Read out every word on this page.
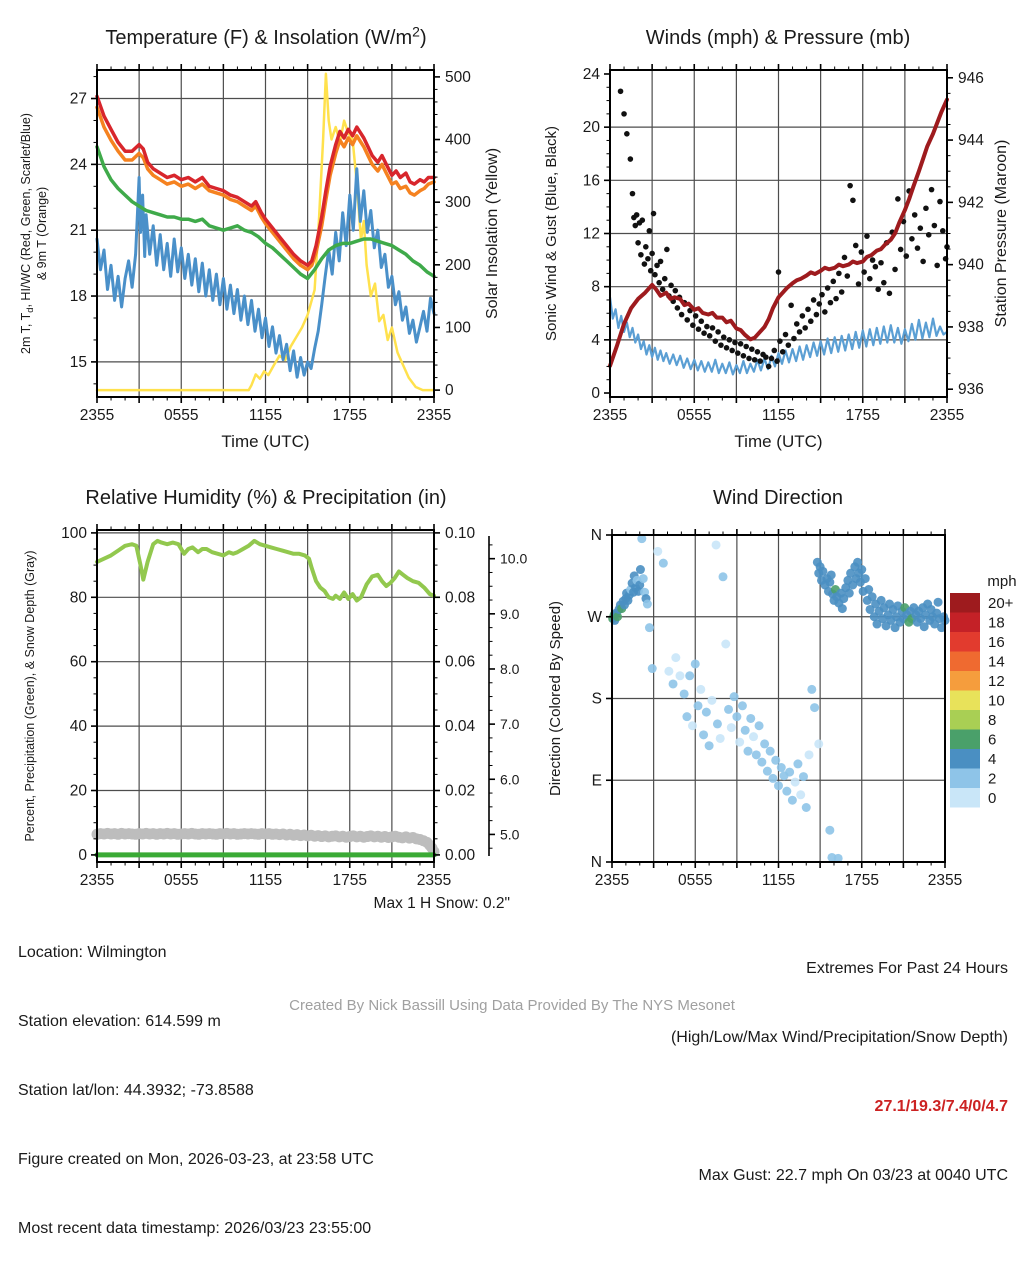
2355	0555	1155	1755	2355
Time (UTC)
15
18
21
24
27
2m T, $T_d$, HI/WC (Red, Green, Scarlet/Blue) & 9m T (Orange)
0
100
200
300
400
500
Solar Insolation (Yellow)
Temperature (F) & Insolation $(W/m^2)$
2355	0555	1155	1755	2355
Time (UTC)
0
4
8
12
16
20
24
Sonic Wind & Gust (Blue, Black)
936
938
940
942
944
946
Station Pressure (Maroon)
Winds (mph) & Pressure (mb)
2355	0555	1155	1755	2355
0
20
40
60
80
100
Percent, Precipitation (Green), & Snow Depth (Gray)
0.00
0.02
0.04
0.06
0.08
0.10
5.0
6.0
7.0
8.0
9.0
10.0
Relative Humidity (%) & Precipitation (in)
2355	0555	1155	1755	2355
N
E
S
W
N
Direction (Colored By Speed)
mph
20+
18
16
14
12
10
8
6
4
2
0
Wind Direction

Location: Wilmington

Station elevation: 614.599 m

Station lat/lon: 44.3932; -73.8588

Figure created on Mon, 2026-03-23, at 23:58 UTC

Most recent data timestamp: 2026/03/23 23:55:00

Max 1 H Snow: 0.2"

Extremes For Past 24 Hours

(High/Low/Max Wind/Precipitation/Snow Depth)

27.1/19.3/7.4/0/4.7

Max Gust: 22.7 mph On 03/23 at 0040 UTC

Created By Nick Bassill Using Data Provided By The NYS Mesonet
